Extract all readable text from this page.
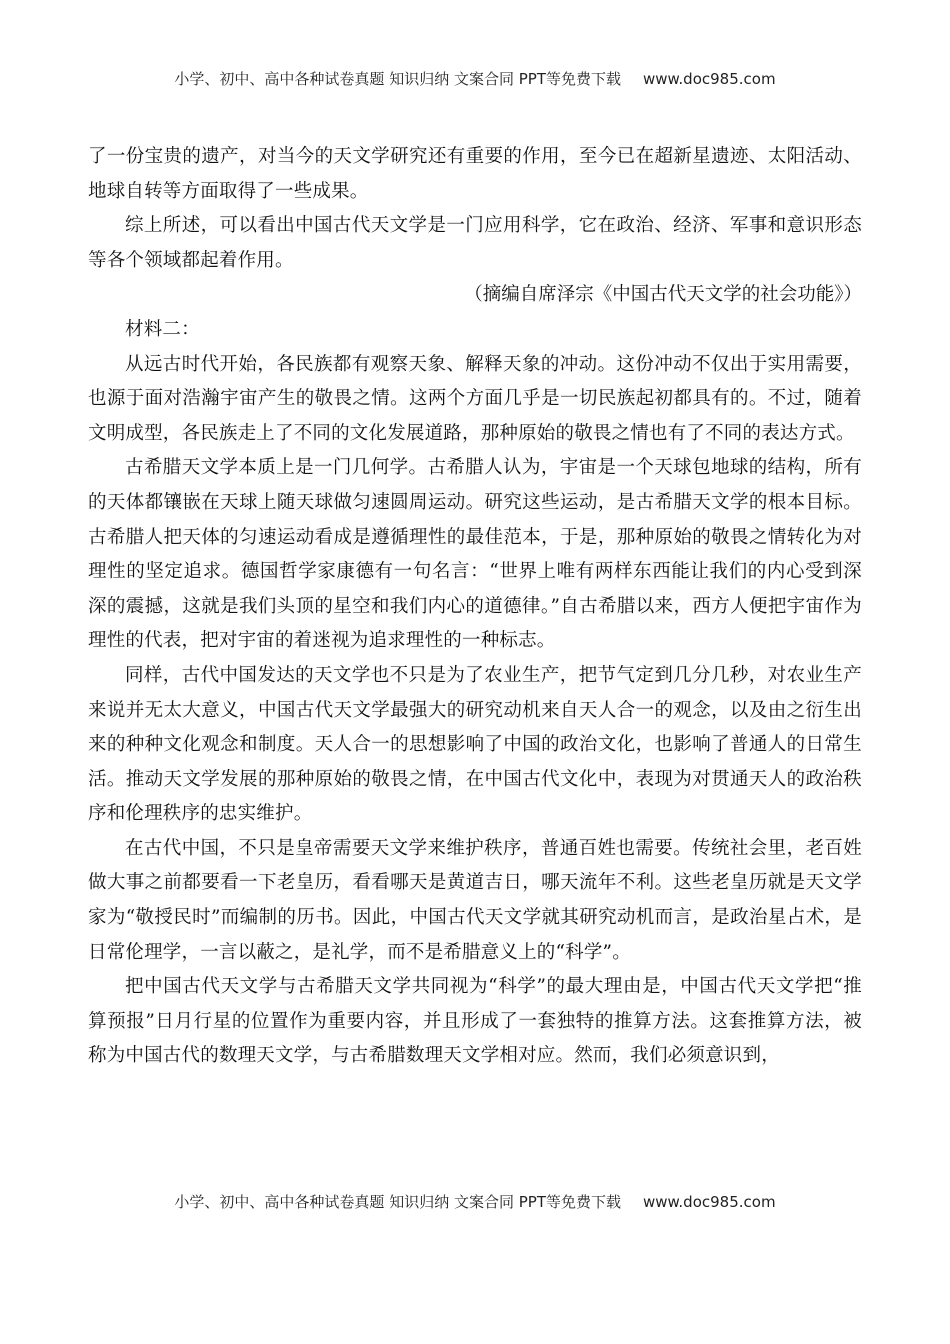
小学、初中、高中各种试卷真题 知识归纳 文案合同 PPT等免费下载 www.doc985.com

了一份宝贵的遗产，对当今的天文学研究还有重要的作用，至今已在超新星遗迹、太阳活动、地球自转等方面取得了一些成果。

综上所述，可以看出中国古代天文学是一门应用科学，它在政治、经济、军事和意识形态等各个领域都起着作用。

（摘编自席泽宗《中国古代天文学的社会功能》）

材料二：

从远古时代开始，各民族都有观察天象、解释天象的冲动。这份冲动不仅出于实用需要，也源于面对浩瀚宇宙产生的敬畏之情。这两个方面几乎是一切民族起初都具有的。不过，随着文明成型，各民族走上了不同的文化发展道路，那种原始的敬畏之情也有了不同的表达方式。

古希腊天文学本质上是一门几何学。古希腊人认为，宇宙是一个天球包地球的结构，所有的天体都镶嵌在天球上随天球做匀速圆周运动。研究这些运动，是古希腊天文学的根本目标。古希腊人把天体的匀速运动看成是遵循理性的最佳范本，于是，那种原始的敬畏之情转化为对理性的坚定追求。德国哲学家康德有一句名言：“世界上唯有两样东西能让我们的内心受到深深的震撼，这就是我们头顶的星空和我们内心的道德律。”自古希腊以来，西方人便把宇宙作为理性的代表，把对宇宙的着迷视为追求理性的一种标志。

同样，古代中国发达的天文学也不只是为了农业生产，把节气定到几分几秒，对农业生产来说并无太大意义，中国古代天文学最强大的研究动机来自天人合一的观念，以及由之衍生出来的种种文化观念和制度。天人合一的思想影响了中国的政治文化，也影响了普通人的日常生活。推动天文学发展的那种原始的敬畏之情，在中国古代文化中，表现为对贯通天人的政治秩序和伦理秩序的忠实维护。

在古代中国，不只是皇帝需要天文学来维护秩序，普通百姓也需要。传统社会里，老百姓做大事之前都要看一下老皇历，看看哪天是黄道吉日，哪天流年不利。这些老皇历就是天文学家为“敬授民时”而编制的历书。因此，中国古代天文学就其研究动机而言，是政治星占术，是日常伦理学，一言以蔽之，是礼学，而不是希腊意义上的“科学”。

把中国古代天文学与古希腊天文学共同视为“科学”的最大理由是，中国古代天文学把“推算预报”日月行星的位置作为重要内容，并且形成了一套独特的推算方法。这套推算方法，被称为中国古代的数理天文学，与古希腊数理天文学相对应。然而，我们必须意识到，

小学、初中、高中各种试卷真题 知识归纳 文案合同 PPT等免费下载 www.doc985.com
